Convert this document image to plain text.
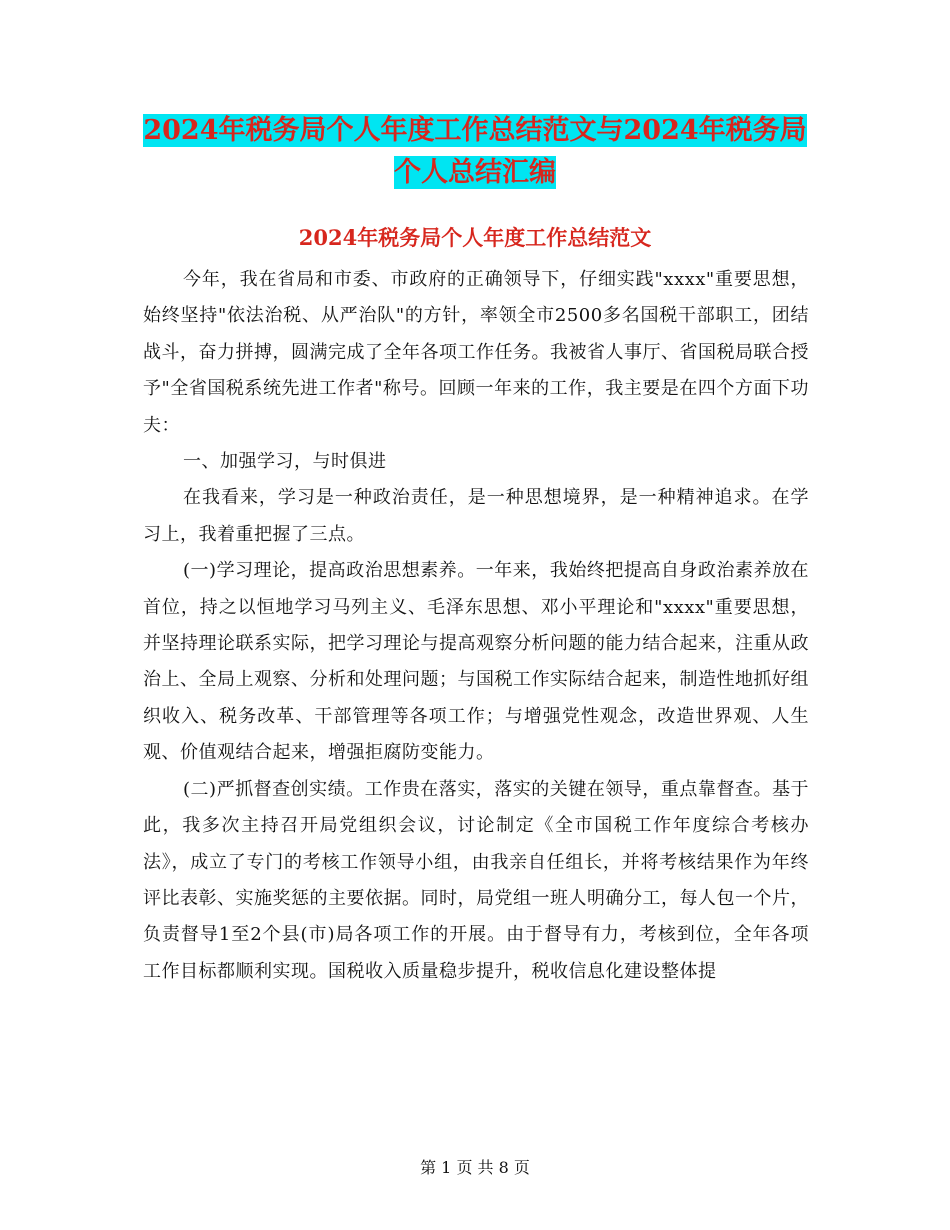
2024年税务局个人年度工作总结范文与2024年税务局
个人总结汇编
2024年税务局个人年度工作总结范文

今年，我在省局和市委、市政府的正确领导下，仔细实践"xxxx"重要思想，始终坚持"依法治税、从严治队"的方针，率领全市2500多名国税干部职工，团结战斗，奋力拼搏，圆满完成了全年各项工作任务。我被省人事厅、省国税局联合授予"全省国税系统先进工作者"称号。回顾一年来的工作，我主要是在四个方面下功夫：

一、加强学习，与时俱进

在我看来，学习是一种政治责任，是一种思想境界，是一种精神追求。在学习上，我着重把握了三点。

(一)学习理论，提高政治思想素养。一年来，我始终把提高自身政治素养放在首位，持之以恒地学习马列主义、毛泽东思想、邓小平理论和"xxxx"重要思想，并坚持理论联系实际，把学习理论与提高观察分析问题的能力结合起来，注重从政治上、全局上观察、分析和处理问题；与国税工作实际结合起来，制造性地抓好组织收入、税务改革、干部管理等各项工作；与增强党性观念，改造世界观、人生观、价值观结合起来，增强拒腐防变能力。

(二)严抓督查创实绩。工作贵在落实，落实的关键在领导，重点靠督查。基于此，我多次主持召开局党组织会议，讨论制定《全市国税工作年度综合考核办法》，成立了专门的考核工作领导小组，由我亲自任组长，并将考核结果作为年终评比表彰、实施奖惩的主要依据。同时，局党组一班人明确分工，每人包一个片，负责督导1至2个县(市)局各项工作的开展。由于督导有力，考核到位，全年各项工作目标都顺利实现。国税收入质量稳步提升，税收信息化建设整体提

第 1 页 共 8 页
